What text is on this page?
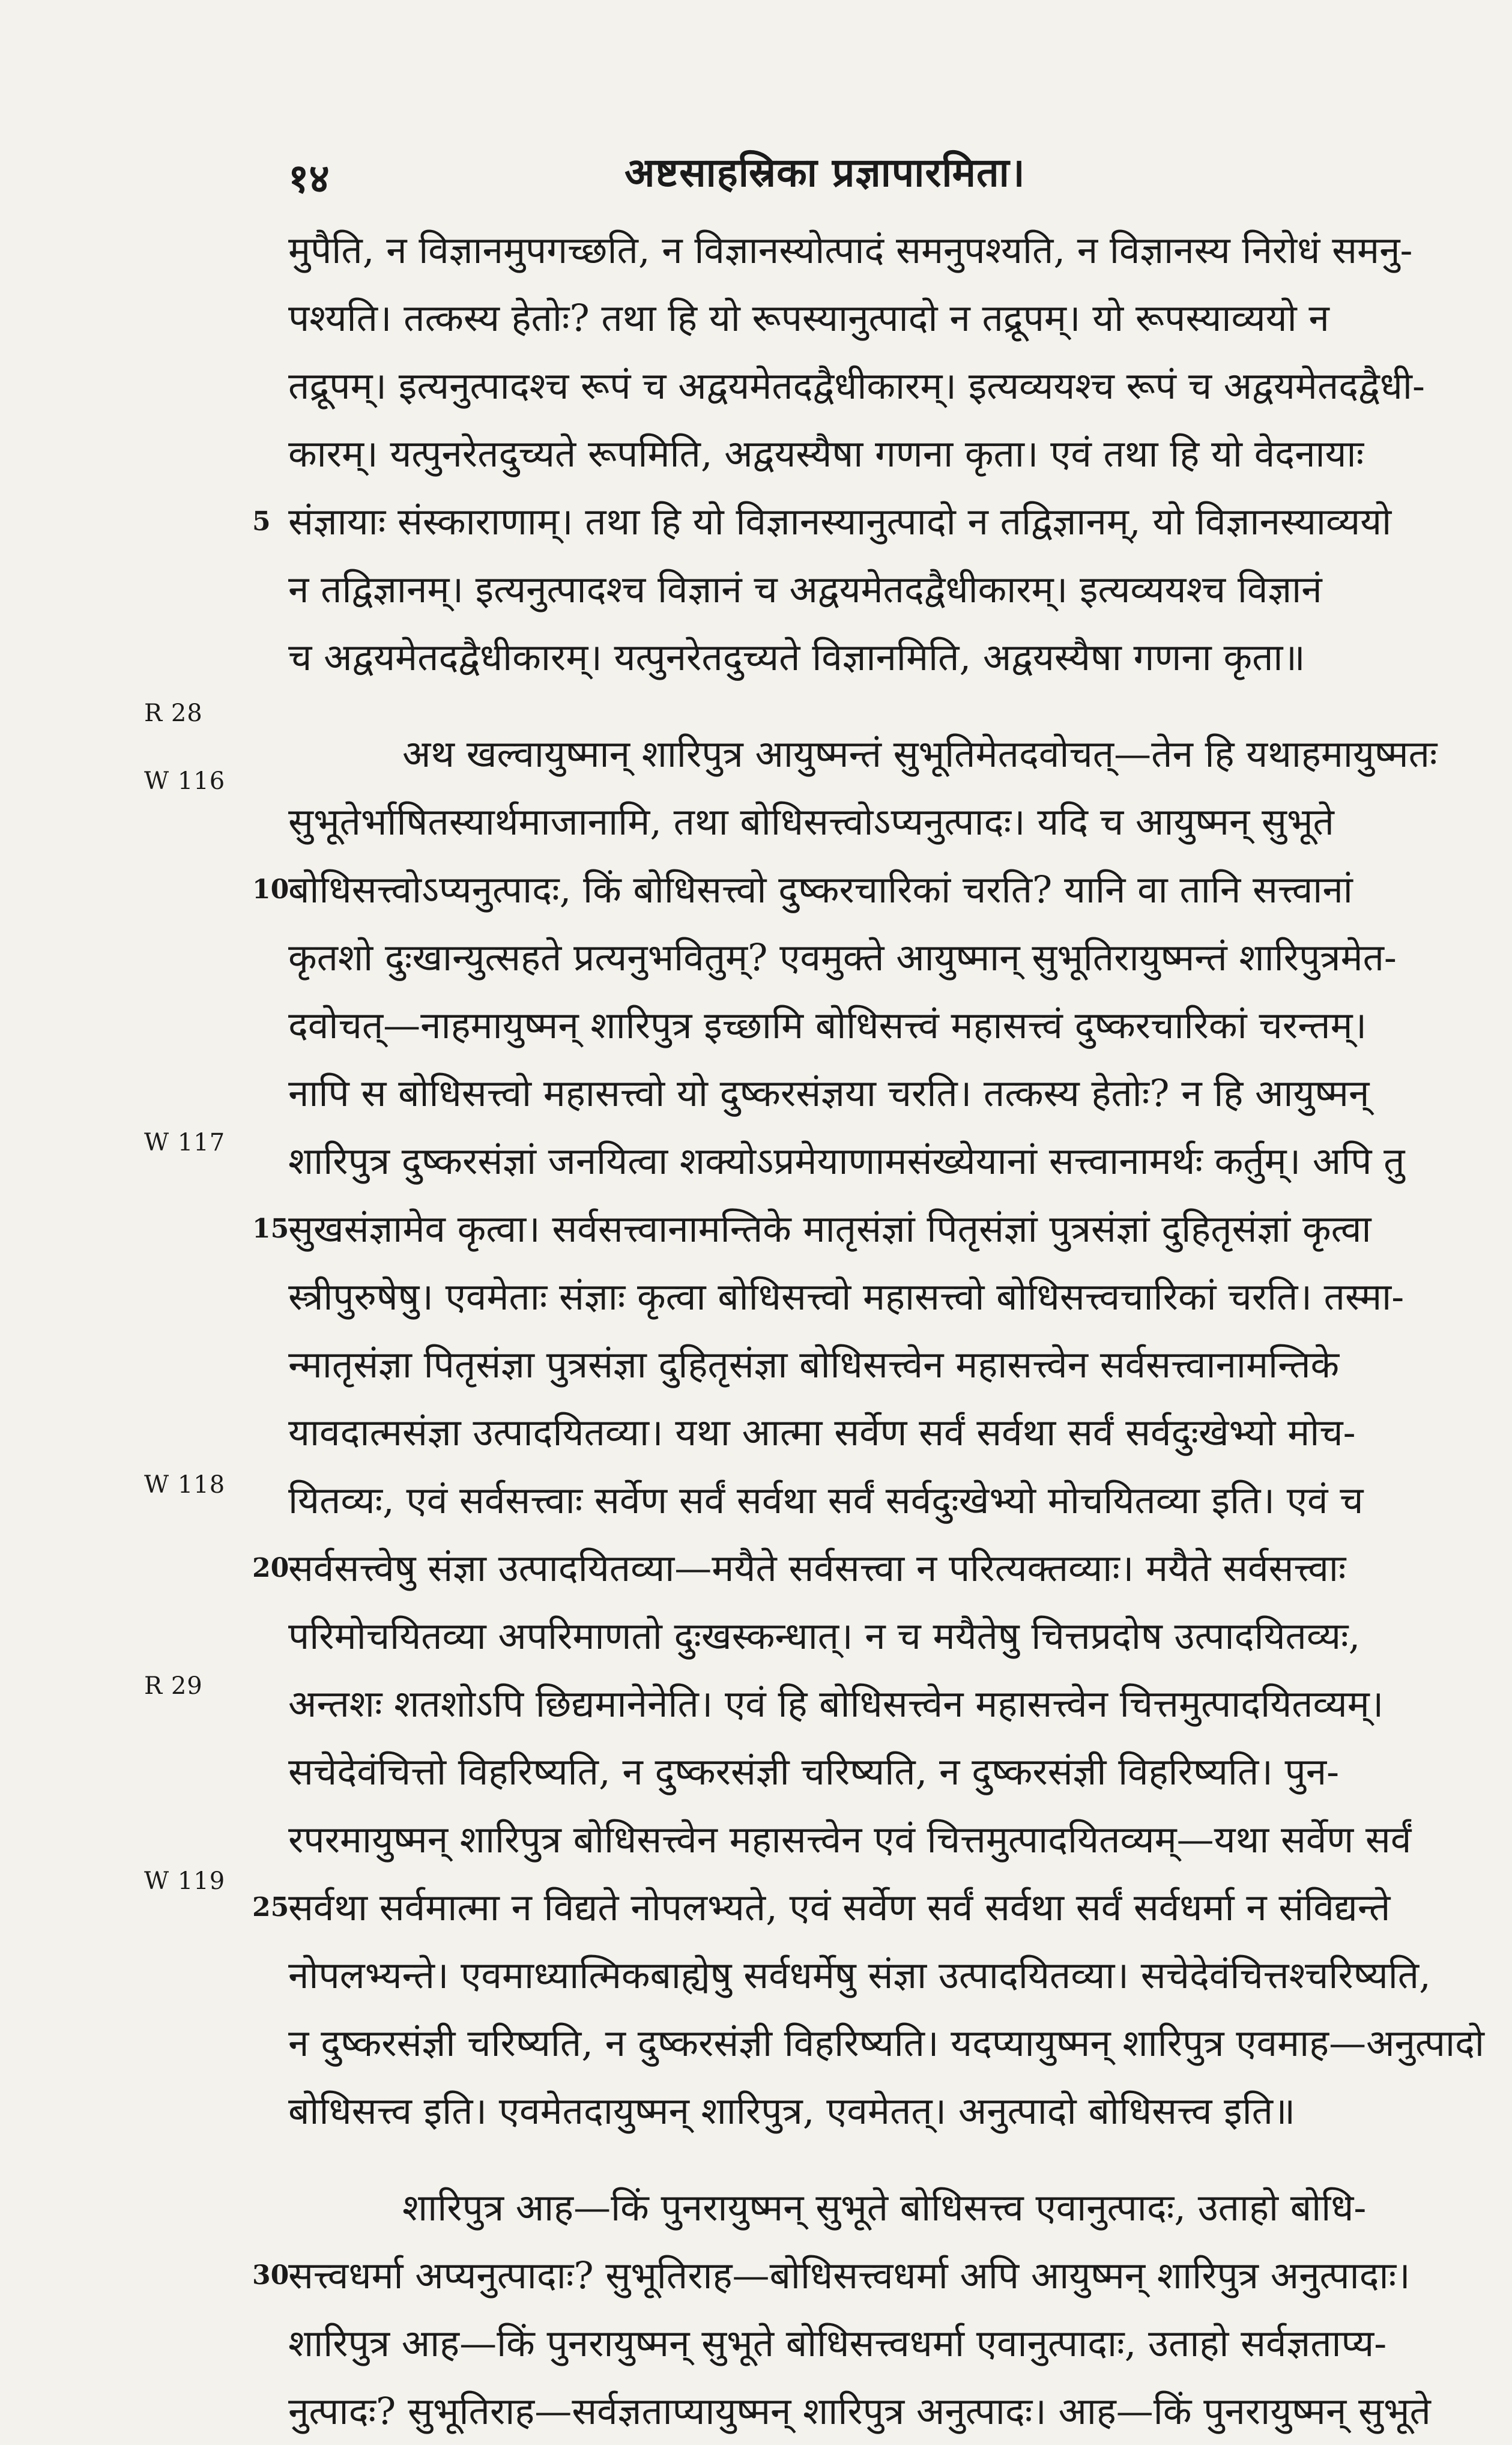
१४	अष्टसाहस्रिका प्रज्ञापारमिता।
R 28
W 116
W 117
W 118
R 29
W 119
मुपैति, न विज्ञानमुपगच्छति, न विज्ञानस्योत्पादं समनुपश्यति, न विज्ञानस्य निरोधं समनु-
पश्यति। तत्कस्य हेतोः? तथा हि यो रूपस्यानुत्पादो न तद्रूपम्। यो रूपस्याव्ययो न
तद्रूपम्। इत्यनुत्पादश्च रूपं च अद्वयमेतदद्वैधीकारम्। इत्यव्ययश्च रूपं च अद्वयमेतदद्वैधी-
कारम्। यत्पुनरेतदुच्यते रूपमिति, अद्वयस्यैषा गणना कृता। एवं तथा हि यो वेदनायाः
5 संज्ञायाः संस्काराणाम्। तथा हि यो विज्ञानस्यानुत्पादो न तद्विज्ञानम्, यो विज्ञानस्याव्ययो
न तद्विज्ञानम्। इत्यनुत्पादश्च विज्ञानं च अद्वयमेतदद्वैधीकारम्। इत्यव्ययश्च विज्ञानं
च अद्वयमेतदद्वैधीकारम्। यत्पुनरेतदुच्यते विज्ञानमिति, अद्वयस्यैषा गणना कृता॥
अथ खल्वायुष्मान् शारिपुत्र आयुष्मन्तं सुभूतिमेतदवोचत्—तेन हि यथाहमायुष्मतः
सुभूतेर्भाषितस्यार्थमाजानामि, तथा बोधिसत्त्वोऽप्यनुत्पादः। यदि च आयुष्मन् सुभूते
10
बोधिसत्त्वोऽप्यनुत्पादः, किं बोधिसत्त्वो दुष्करचारिकां चरति? यानि वा तानि सत्त्वानां
कृतशो दुःखान्युत्सहते प्रत्यनुभवितुम्? एवमुक्ते आयुष्मान् सुभूतिरायुष्मन्तं शारिपुत्रमेत-
दवोचत्—नाहमायुष्मन् शारिपुत्र इच्छामि बोधिसत्त्वं महासत्त्वं दुष्करचारिकां चरन्तम्।
नापि स बोधिसत्त्वो महासत्त्वो यो दुष्करसंज्ञया चरति। तत्कस्य हेतोः? न हि आयुष्मन्
शारिपुत्र दुष्करसंज्ञां जनयित्वा शक्योऽप्रमेयाणामसंख्येयानां सत्त्वानामर्थः कर्तुम्। अपि तु
15
सुखसंज्ञामेव कृत्वा। सर्वसत्त्वानामन्तिके मातृसंज्ञां पितृसंज्ञां पुत्रसंज्ञां दुहितृसंज्ञां कृत्वा
स्त्रीपुरुषेषु। एवमेताः संज्ञाः कृत्वा बोधिसत्त्वो महासत्त्वो बोधिसत्त्वचारिकां चरति। तस्मा-
न्मातृसंज्ञा पितृसंज्ञा पुत्रसंज्ञा दुहितृसंज्ञा बोधिसत्त्वेन महासत्त्वेन सर्वसत्त्वानामन्तिके
यावदात्मसंज्ञा उत्पादयितव्या। यथा आत्मा सर्वेण सर्वं सर्वथा सर्वं सर्वदुःखेभ्यो मोच-
यितव्यः, एवं सर्वसत्त्वाः सर्वेण सर्वं सर्वथा सर्वं सर्वदुःखेभ्यो मोचयितव्या इति। एवं च
20
सर्वसत्त्वेषु संज्ञा उत्पादयितव्या—मयैते सर्वसत्त्वा न परित्यक्तव्याः। मयैते सर्वसत्त्वाः
परिमोचयितव्या अपरिमाणतो दुःखस्कन्धात्। न च मयैतेषु चित्तप्रदोष उत्पादयितव्यः,
अन्तशः शतशोऽपि छिद्यमानेनेति। एवं हि बोधिसत्त्वेन महासत्त्वेन चित्तमुत्पादयितव्यम्।
सचेदेवंचित्तो विहरिष्यति, न दुष्करसंज्ञी चरिष्यति, न दुष्करसंज्ञी विहरिष्यति। पुन-
रपरमायुष्मन् शारिपुत्र बोधिसत्त्वेन महासत्त्वेन एवं चित्तमुत्पादयितव्यम्—यथा सर्वेण सर्वं
25
सर्वथा सर्वमात्मा न विद्यते नोपलभ्यते, एवं सर्वेण सर्वं सर्वथा सर्वं सर्वधर्मा न संविद्यन्ते
नोपलभ्यन्ते। एवमाध्यात्मिकबाह्येषु सर्वधर्मेषु संज्ञा उत्पादयितव्या। सचेदेवंचित्तश्चरिष्यति,
न दुष्करसंज्ञी चरिष्यति, न दुष्करसंज्ञी विहरिष्यति। यदप्यायुष्मन् शारिपुत्र एवमाह—अनुत्पादो
बोधिसत्त्व इति। एवमेतदायुष्मन् शारिपुत्र, एवमेतत्। अनुत्पादो बोधिसत्त्व इति॥
शारिपुत्र आह—किं पुनरायुष्मन् सुभूते बोधिसत्त्व एवानुत्पादः, उताहो बोधि-
30
सत्त्वधर्मा अप्यनुत्पादाः? सुभूतिराह—बोधिसत्त्वधर्मा अपि आयुष्मन् शारिपुत्र अनुत्पादाः।
शारिपुत्र आह—किं पुनरायुष्मन् सुभूते बोधिसत्त्वधर्मा एवानुत्पादाः, उताहो सर्वज्ञताप्य-
नुत्पादः? सुभूतिराह—सर्वज्ञताप्यायुष्मन् शारिपुत्र अनुत्पादः। आह—किं पुनरायुष्मन् सुभूते
